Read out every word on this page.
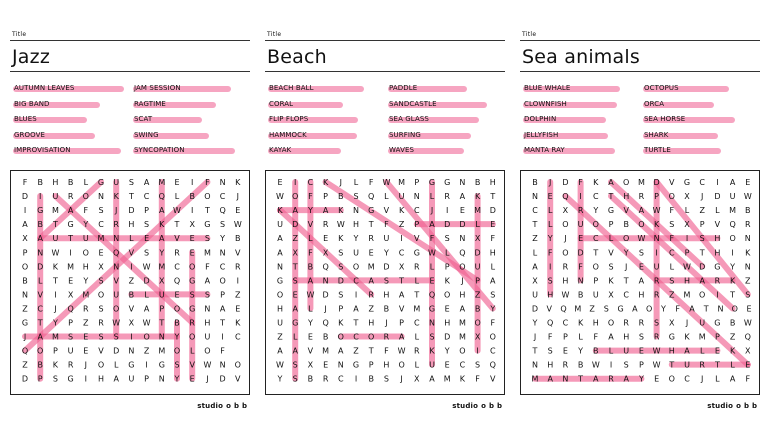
Title
Jazz
AUTUMN LEAVES
BIG BAND
BLUES
GROOVE
IMPROVISATION
JAM SESSION
RAGTIME
SCAT
SWING
SYNCOPATION
F B H B L G U S A M E I F N K
D I U R O N K T C Q L B O C J
I G M A F S J D P A W I T Q E
A B T G Y C R H S K T X G S W
X A U T U M N L E A V E S Y B
P N W I O E Q V S Y R E M N V
O D K M H X N I W M C O F C R
B L T E Y S V Z D X Q G A O I
N V I X M O U B L U E S S P Z
Z C J Q R S O V A P O G N A E
G T Y P Z R W X W T B R H T K
J A M S E S S I O N Y O U I C
Q O P U E V D N Z M O L O F
Z B K R J O L G I G S V W N O
D P S G I H A U P N Y E J D V
studio obb
Title
Beach
BEACH BALL
CORAL
FLIP FLOPS
HAMMOCK
KAYAK
PADDLE
SANDCASTLE
SEA GLASS
SURFING
WAVES
E I C K J L F W M P G G N B H
W O F P B S Q L U N L R A K T
K A Y A K N G V K C J I E M D
U D V R W H T F Z P A D D L E
A Z L E K Y R U I V F S N X F
A X F X S U E Y C G W L Q D H
N T B Q S O M D X R L P O U L
G S A N D C A S T L E K J P A
O E W D S I R H A T Q O H Z S
H A L J P A Z B V M G E A B Y
U G Y Q K T H J P C N H M O F
Z L E B O C O R A L S D M X O
A A V M A Z T F W R K Y O I C
W S X E N G P H O L U E C S Q
Y S B R C I B S J X A M K F V
studio obb
Title
Sea animals
BLUE WHALE
CLOWNFISH
DOLPHIN
JELLYFISH
MANTA RAY
OCTOPUS
ORCA
SEA HORSE
SHARK
TURTLE
B J D F K A O M D V G C I A E
N E Q I C T H R P O X J D U W
C L X R Y G V A W F L Z L M B
T L O U O P B O K S X P V Q R
Z Y J E C L O W N F I S H O N
L F O D T V Y S I C P T H I K
A I R F O S J E U L W D G Y N
X S H N P K T A R S H A R K Z
U H W B U X C H R Z M O I T S
D V Q M Z S G A O Y F A T N O E
Y Q C K H O R R S X J U G B W
J F P L F A H S R G K M P Z Q
T S E Y B L U E W H A L E K X
N H R B W I S P W T U R T L E
M A N T A R A Y E O C J L A F
studio obb
